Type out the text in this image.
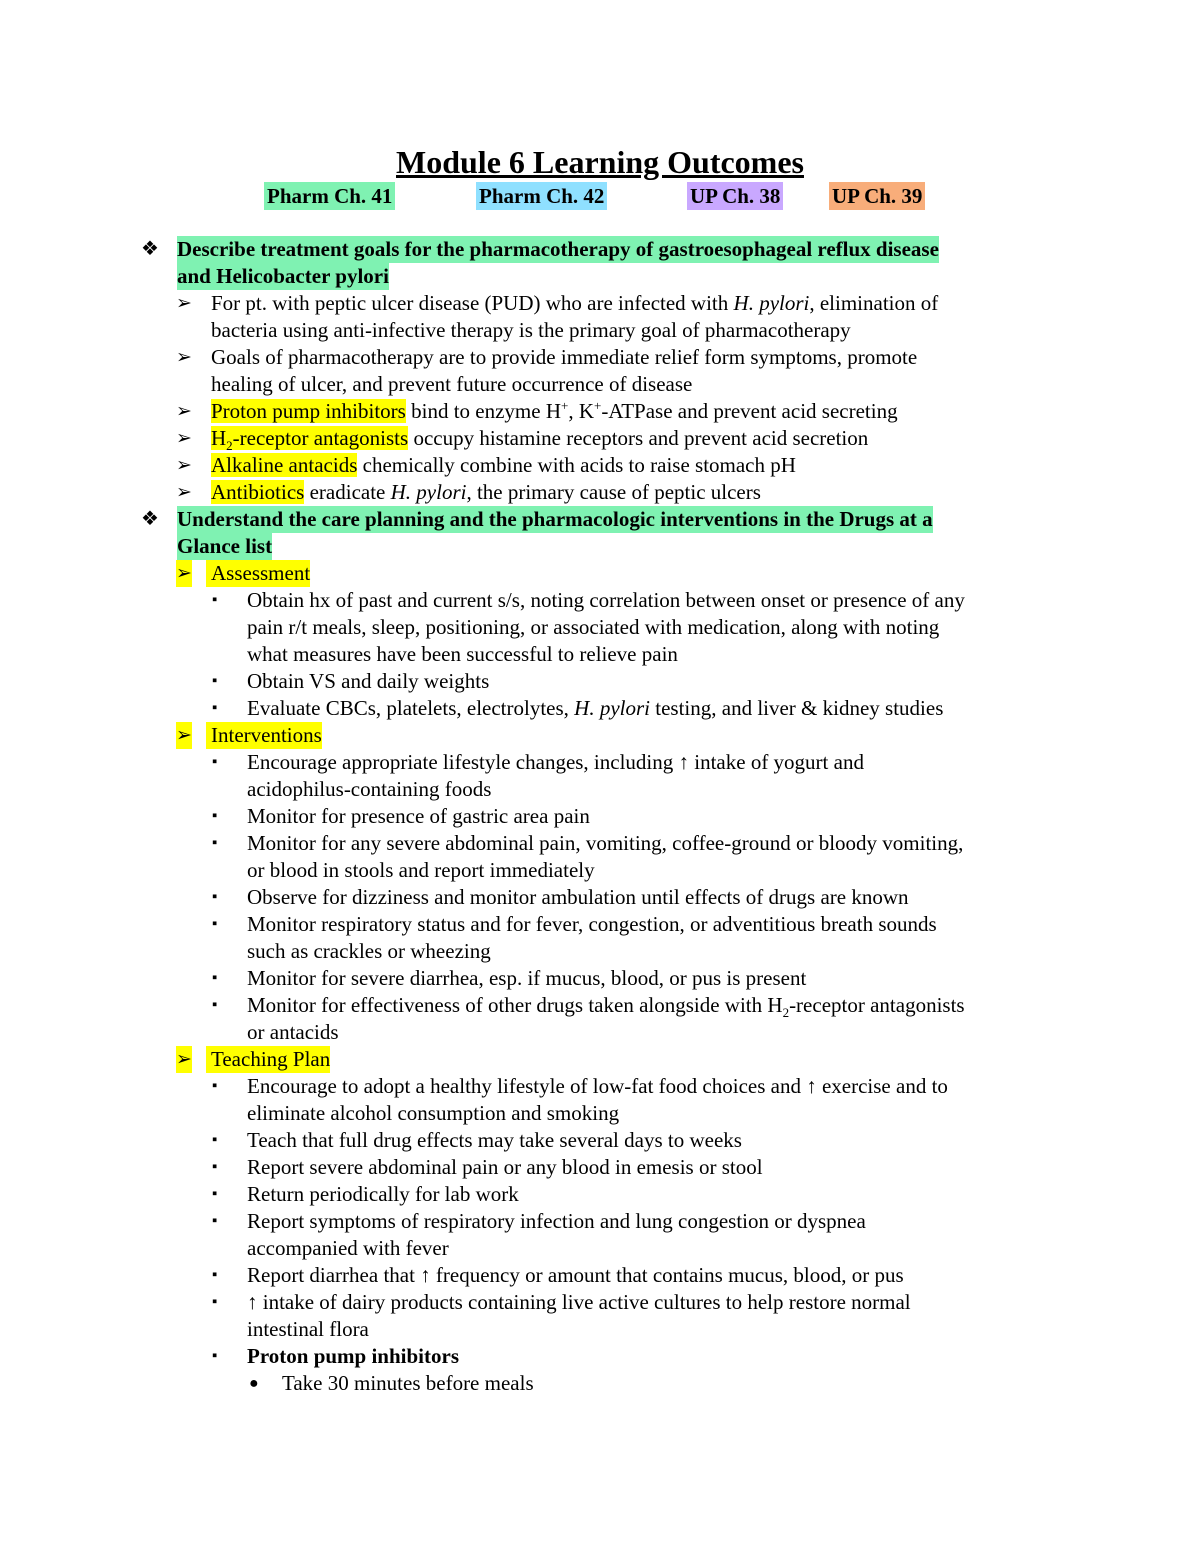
Module 6 Learning Outcomes
Pharm Ch. 41	Pharm Ch. 42	UP Ch. 38 UP Ch. 39
❖ Describe treatment goals for the pharmacotherapy of gastroesophageal reflux disease
and Helicobacter pylori
➢ For pt. with peptic ulcer disease (PUD) who are infected with H. pylori, elimination of
bacteria using anti-infective therapy is the primary goal of pharmacotherapy
➢ Goals of pharmacotherapy are to provide immediate relief form symptoms, promote
healing of ulcer, and prevent future occurrence of disease
➢ Proton pump inhibitors bind to enzyme H+, K+-ATPase and prevent acid secreting
➢ $H_2$-receptor antagonists occupy histamine receptors and prevent acid secretion
➢ Alkaline antacids chemically combine with acids to raise stomach pH
➢ Antibiotics eradicate H. pylori, the primary cause of peptic ulcers
❖ Understand the care planning and the pharmacologic interventions in the Drugs at a
Glance list
➢ Assessment
▪ Obtain hx of past and current s/s, noting correlation between onset or presence of any
pain r/t meals, sleep, positioning, or associated with medication, along with noting
what measures have been successful to relieve pain
▪ Obtain VS and daily weights
▪ Evaluate CBCs, platelets, electrolytes, H. pylori testing, and liver & kidney studies
➢ Interventions
▪ Encourage appropriate lifestyle changes, including ↑ intake of yogurt and
acidophilus-containing foods
▪ Monitor for presence of gastric area pain
▪ Monitor for any severe abdominal pain, vomiting, coffee-ground or bloody vomiting,
or blood in stools and report immediately
▪ Observe for dizziness and monitor ambulation until effects of drugs are known
▪ Monitor respiratory status and for fever, congestion, or adventitious breath sounds
such as crackles or wheezing
▪ Monitor for severe diarrhea, esp. if mucus, blood, or pus is present
▪ Monitor for effectiveness of other drugs taken alongside with $H_2$-receptor antagonists
or antacids
➢ Teaching Plan
▪ Encourage to adopt a healthy lifestyle of low-fat food choices and ↑ exercise and to
eliminate alcohol consumption and smoking
▪ Teach that full drug effects may take several days to weeks
▪ Report severe abdominal pain or any blood in emesis or stool
▪ Return periodically for lab work
▪ Report symptoms of respiratory infection and lung congestion or dyspnea
accompanied with fever
▪ Report diarrhea that ↑ frequency or amount that contains mucus, blood, or pus
▪ ↑ intake of dairy products containing live active cultures to help restore normal
intestinal flora
▪ Proton pump inhibitors
● Take 30 minutes before meals
